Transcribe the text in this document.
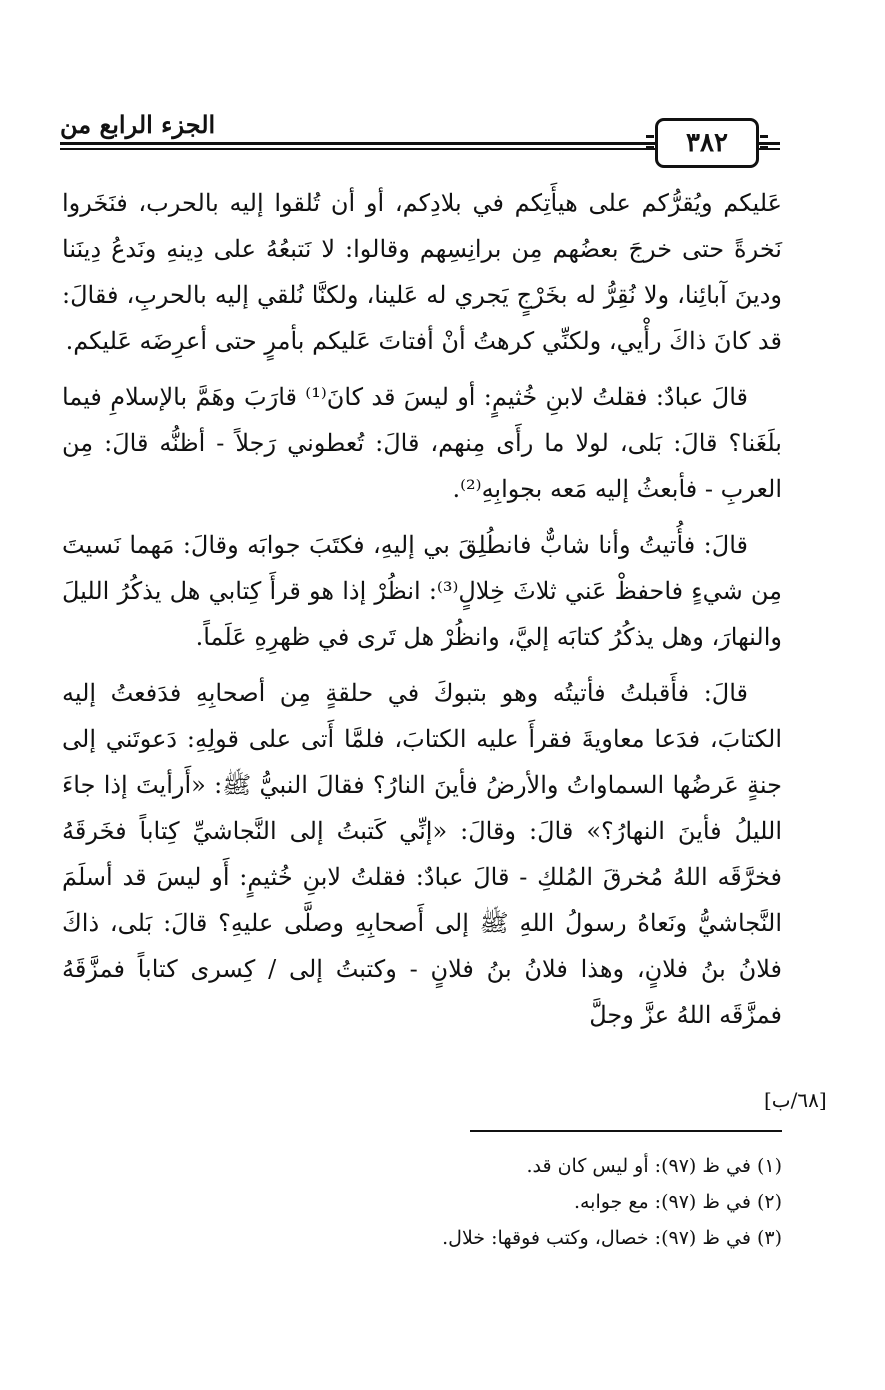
الجزء الرابع من
٣٨٢

عَليكم ويُقرُّكم على هيأَتِكم في بلادِكم، أو أن تُلقوا إليه بالحرب، فنَخَروا نَخرةً حتى خرجَ بعضُهم مِن برانِسِهم وقالوا: لا نَتبعُهُ على دِينهِ ونَدعُ دِينَنا ودينَ آبائِنا، ولا نُقِرُّ له بخَرْجٍ يَجري له عَلينا، ولكنَّا نُلقي إليه بالحربِ، فقالَ: قد كانَ ذاكَ رأْيي، ولكنِّي كرهتُ أنْ أفتاتَ عَليكم بأمرٍ حتى أعرِضَه عَليكم.

قالَ عبادٌ: فقلتُ لابنِ خُثيمٍ: أو ليسَ قد كانَ⁽¹⁾ قارَبَ وهَمَّ بالإسلامِ فيما بلَغَنا؟ قالَ: بَلى، لولا ما رأَى مِنهم، قالَ: تُعطوني رَجلاً - أظنُّه قالَ: مِن العربِ - فأبعثُ إليه مَعه بجوابِهِ⁽²⁾.

قالَ: فأُتيتُ وأنا شابٌّ فانطُلِقَ بي إليهِ، فكتَبَ جوابَه وقالَ: مَهما نَسيتَ مِن شيءٍ فاحفظْ عَني ثلاثَ خِلالٍ⁽³⁾: انظُرْ إذا هو قرأَ كِتابي هل يذكُرُ الليلَ والنهارَ، وهل يذكُرُ كتابَه إليَّ، وانظُرْ هل تَرى في ظهرِهِ عَلَماً.

قالَ: فأَقبلتُ فأتيتُه وهو بتبوكَ في حلقةٍ مِن أصحابِهِ فدَفعتُ إليه الكتابَ، فدَعا معاويةَ فقرأَ عليه الكتابَ، فلمَّا أَتى على قولِهِ: دَعوتَني إلى جنةٍ عَرضُها السماواتُ والأرضُ فأينَ النارُ؟ فقالَ النبيُّ ﷺ: «أَرأيتَ إذا جاءَ الليلُ فأينَ النهارُ؟» قالَ: وقالَ: «إنِّي كَتبتُ إلى النَّجاشيِّ كِتاباً فخَرقَهُ فخرَّقَه اللهُ مُخرقَ المُلكِ - قالَ عبادٌ: فقلتُ لابنِ خُثيمٍ: أَو ليسَ قد أسلَمَ النَّجاشيُّ ونَعاهُ رسولُ اللهِ ﷺ إلى أَصحابِهِ وصلَّى عليهِ؟ قالَ: بَلى، ذاكَ فلانُ بنُ فلانٍ، وهذا فلانُ بنُ فلانٍ - وكتبتُ إلى / كِسرى كتاباً فمزَّقَهُ فمزَّقَه اللهُ عزَّ وجلَّ

[٦٨/ب]
(١) في ظ (٩٧): أو ليس كان قد.
(٢) في ظ (٩٧): مع جوابه.
(٣) في ظ (٩٧): خصال، وكتب فوقها: خلال.
